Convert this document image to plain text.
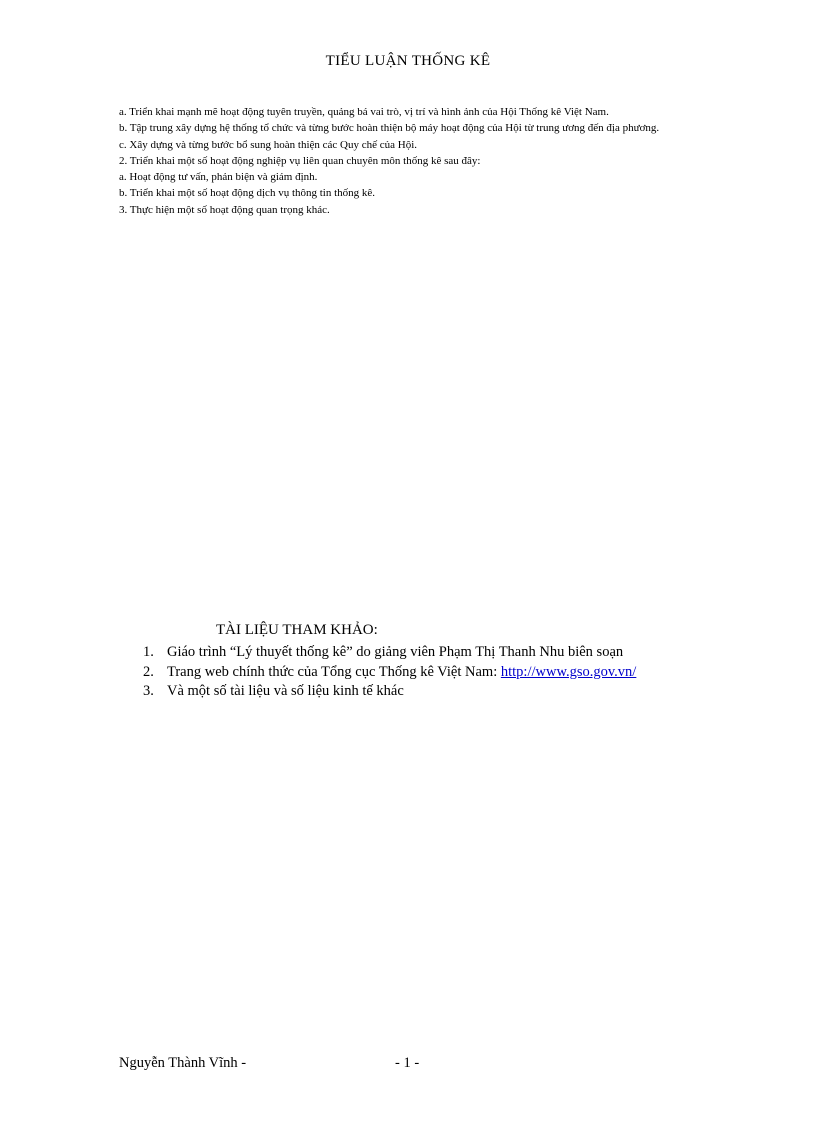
TIỂU LUẬN THỐNG KÊ

a. Triển khai mạnh mẽ hoạt động tuyên truyền, quảng bá vai trò, vị trí và hình ảnh của Hội Thống kê Việt Nam.

b. Tập trung xây dựng hệ thống tổ chức và từng bước hoàn thiện bộ máy hoạt động của Hội từ trung ương đến địa phương.

c. Xây dựng và từng bước bổ sung hoàn thiện các Quy chế của Hội.

2. Triển khai một số hoạt động nghiệp vụ liên quan chuyên môn thống kê sau đây:

a. Hoạt động tư vấn, phản biện và giám định.

b. Triển khai một số hoạt động dịch vụ thông tin thống kê.

3. Thực hiện một số hoạt động quan trọng khác.

TÀI LIỆU THAM KHẢO:
1. Giáo trình “Lý thuyết thống kê” do giảng viên Phạm Thị Thanh Nhu biên soạn
2. Trang web chính thức của Tổng cục Thống kê Việt Nam: http://www.gso.gov.vn/
3. Và một số tài liệu và số liệu kinh tế khác
Nguyễn Thành Vĩnh -	- 1 -
